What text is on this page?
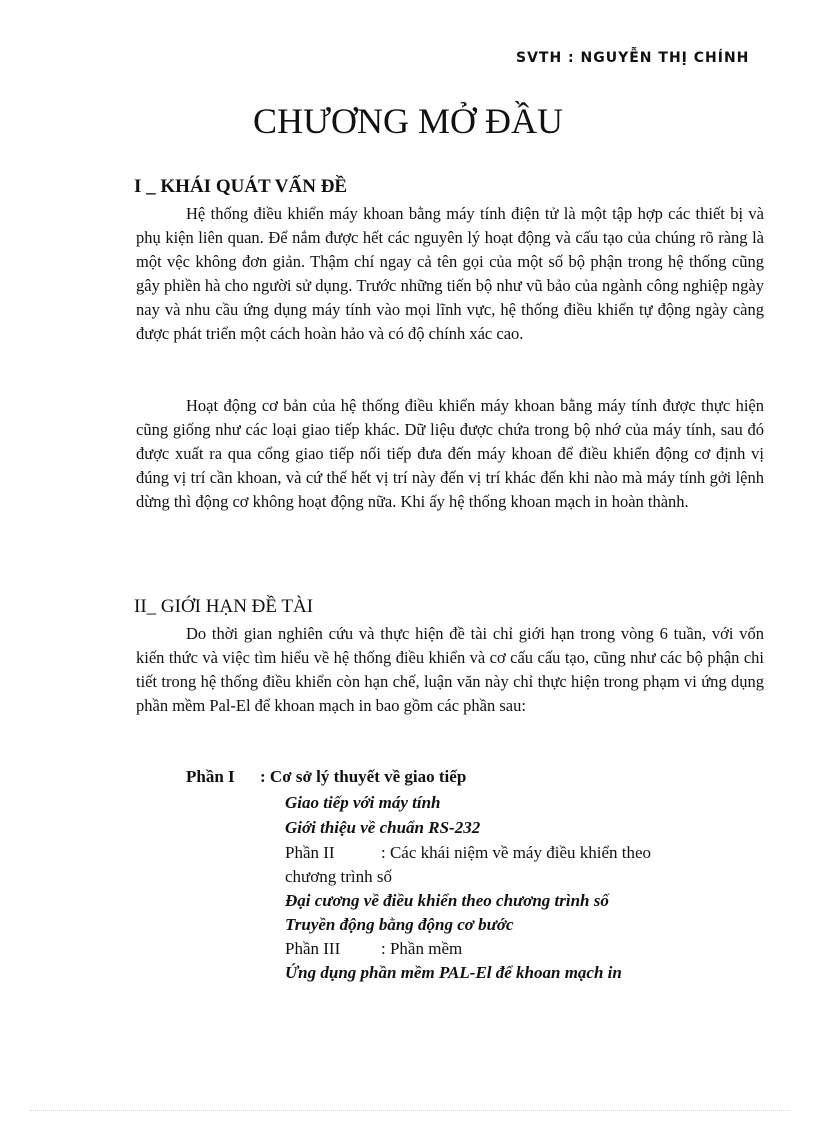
SVTH : NGUYỄN THỊ CHÍNH
CHƯƠNG MỞ ĐẦU
I _ KHÁI QUÁT VẤN ĐỀ

Hệ thống điều khiển máy khoan bằng máy tính điện tử là một tập hợp các thiết bị và phụ kiện liên quan. Để nắm được hết các nguyên lý hoạt động và cấu tạo của chúng rõ ràng là một vệc không đơn giản. Thậm chí ngay cả tên gọi của một số bộ phận trong hệ thống cũng gây phiền hà cho người sử dụng. Trước những tiến bộ như vũ bảo của ngành công nghiệp ngày nay và nhu cầu ứng dụng máy tính vào mọi lĩnh vực, hệ thống điều khiển tự động ngày càng được phát triển một cách hoàn hảo và có độ chính xác cao.

Hoạt động cơ bản của hệ thống điều khiển máy khoan bằng máy tính được thực hiện cũng giống như các loại giao tiếp khác. Dữ liệu được chứa trong bộ nhớ của máy tính, sau đó được xuất ra qua cổng giao tiếp nối tiếp đưa đến máy khoan để điều khiển động cơ định vị đúng vị trí cần khoan, và cứ thế hết vị trí này đến vị trí khác đến khi nào mà máy tính gởi lệnh dừng thì động cơ không hoạt động nữa. Khi ấy hệ thống khoan mạch in hoàn thành.

II_ GIỚI HẠN ĐỀ TÀI

Do thời gian nghiên cứu và thực hiện đề tài chỉ giới hạn trong vòng 6 tuần, với vốn kiến thức và việc tìm hiểu về hệ thống điều khiển và cơ cấu cấu tạo, cũng như các bộ phận chi tiết trong hệ thống điều khiển còn hạn chế, luận văn này chỉ thực hiện trong phạm vi ứng dụng phần mềm Pal-El để khoan mạch in bao gồm các phần sau:

Phần I : Cơ sở lý thuyết về giao tiếp
Giao tiếp với máy tính
Giới thiệu về chuẩn RS-232
Phần II	: Các khái niệm về máy điều khiển theo
chương trình số
Đại cương về điều khiển theo chương trình số
Truyền động bằng động cơ bước
Phần III : Phần mềm
Ứng dụng phần mềm PAL-El để khoan mạch in
